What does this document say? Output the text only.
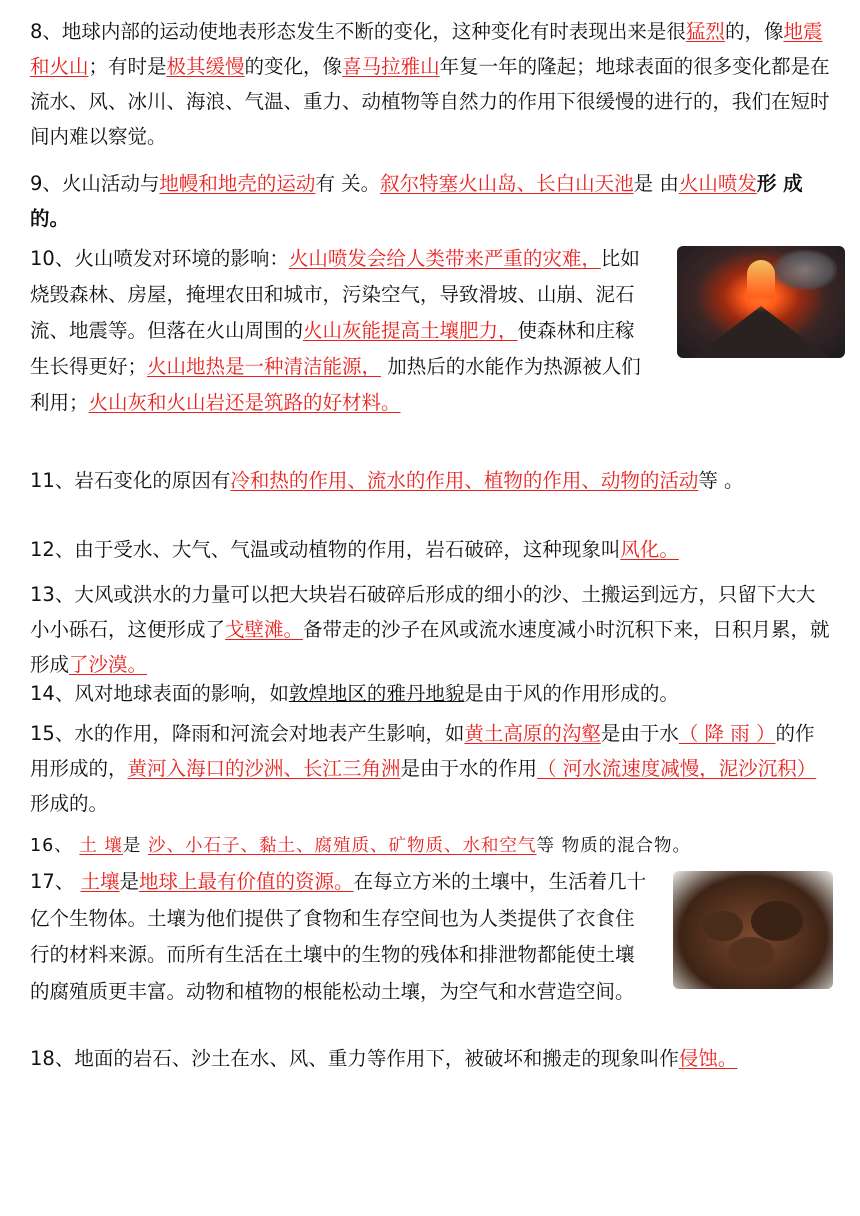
8、地球内部的运动使地表形态发生不断的变化，这种变化有时表现出来是很猛烈的，像地震和火山；有时是极其缓慢的变化，像喜马拉雅山年复一年的隆起；地球表面的很多变化都是在流水、风、冰川、海浪、气温、重力、动植物等自然力的作用下很缓慢的进行的，我们在短时间内难以察觉。

9、火山活动与地幔和地壳的运动有 关。叙尔特塞火山岛、长白山天池是 由火山喷发形 成 的。

10、火山喷发对环境的影响：火山喷发会给人类带来严重的灾难，比如烧毁森林、房屋，掩埋农田和城市，污染空气，导致滑坡、山崩、泥石流、地震等。但落在火山周围的火山灰能提高土壤肥力，使森林和庄稼生长得更好；火山地热是一种清洁能源， 加热后的水能作为热源被人们利用；火山灰和火山岩还是筑路的好材料。

11、岩石变化的原因有冷和热的作用、流水的作用、植物的作用、动物的活动等 。

12、由于受水、大气、气温或动植物的作用，岩石破碎，这种现象叫风化。

13、大风或洪水的力量可以把大块岩石破碎后形成的细小的沙、土搬运到远方，只留下大大小小砾石，这便形成了戈壁滩。备带走的沙子在风或流水速度减小时沉积下来，日积月累，就形成了沙漠。

14、风对地球表面的影响，如敦煌地区的雅丹地貌是由于风的作用形成的。

15、水的作用，降雨和河流会对地表产生影响，如黄土高原的沟壑是由于水（ 降 雨 ）的作用形成的，黄河入海口的沙洲、长江三角洲是由于水的作用（ 河水流速度减慢，泥沙沉积）形成的。

16、 土 壤是 沙、小石子、黏土、腐殖质、矿物质、水和空气等 物质的混合物。

17、 土壤是地球上最有价值的资源。在每立方米的土壤中，生活着几十亿个生物体。土壤为他们提供了食物和生存空间也为人类提供了衣食住行的材料来源。而所有生活在土壤中的生物的残体和排泄物都能使土壤的腐殖质更丰富。动物和植物的根能松动土壤，为空气和水营造空间。

18、地面的岩石、沙土在水、风、重力等作用下，被破坏和搬走的现象叫作侵蚀。
